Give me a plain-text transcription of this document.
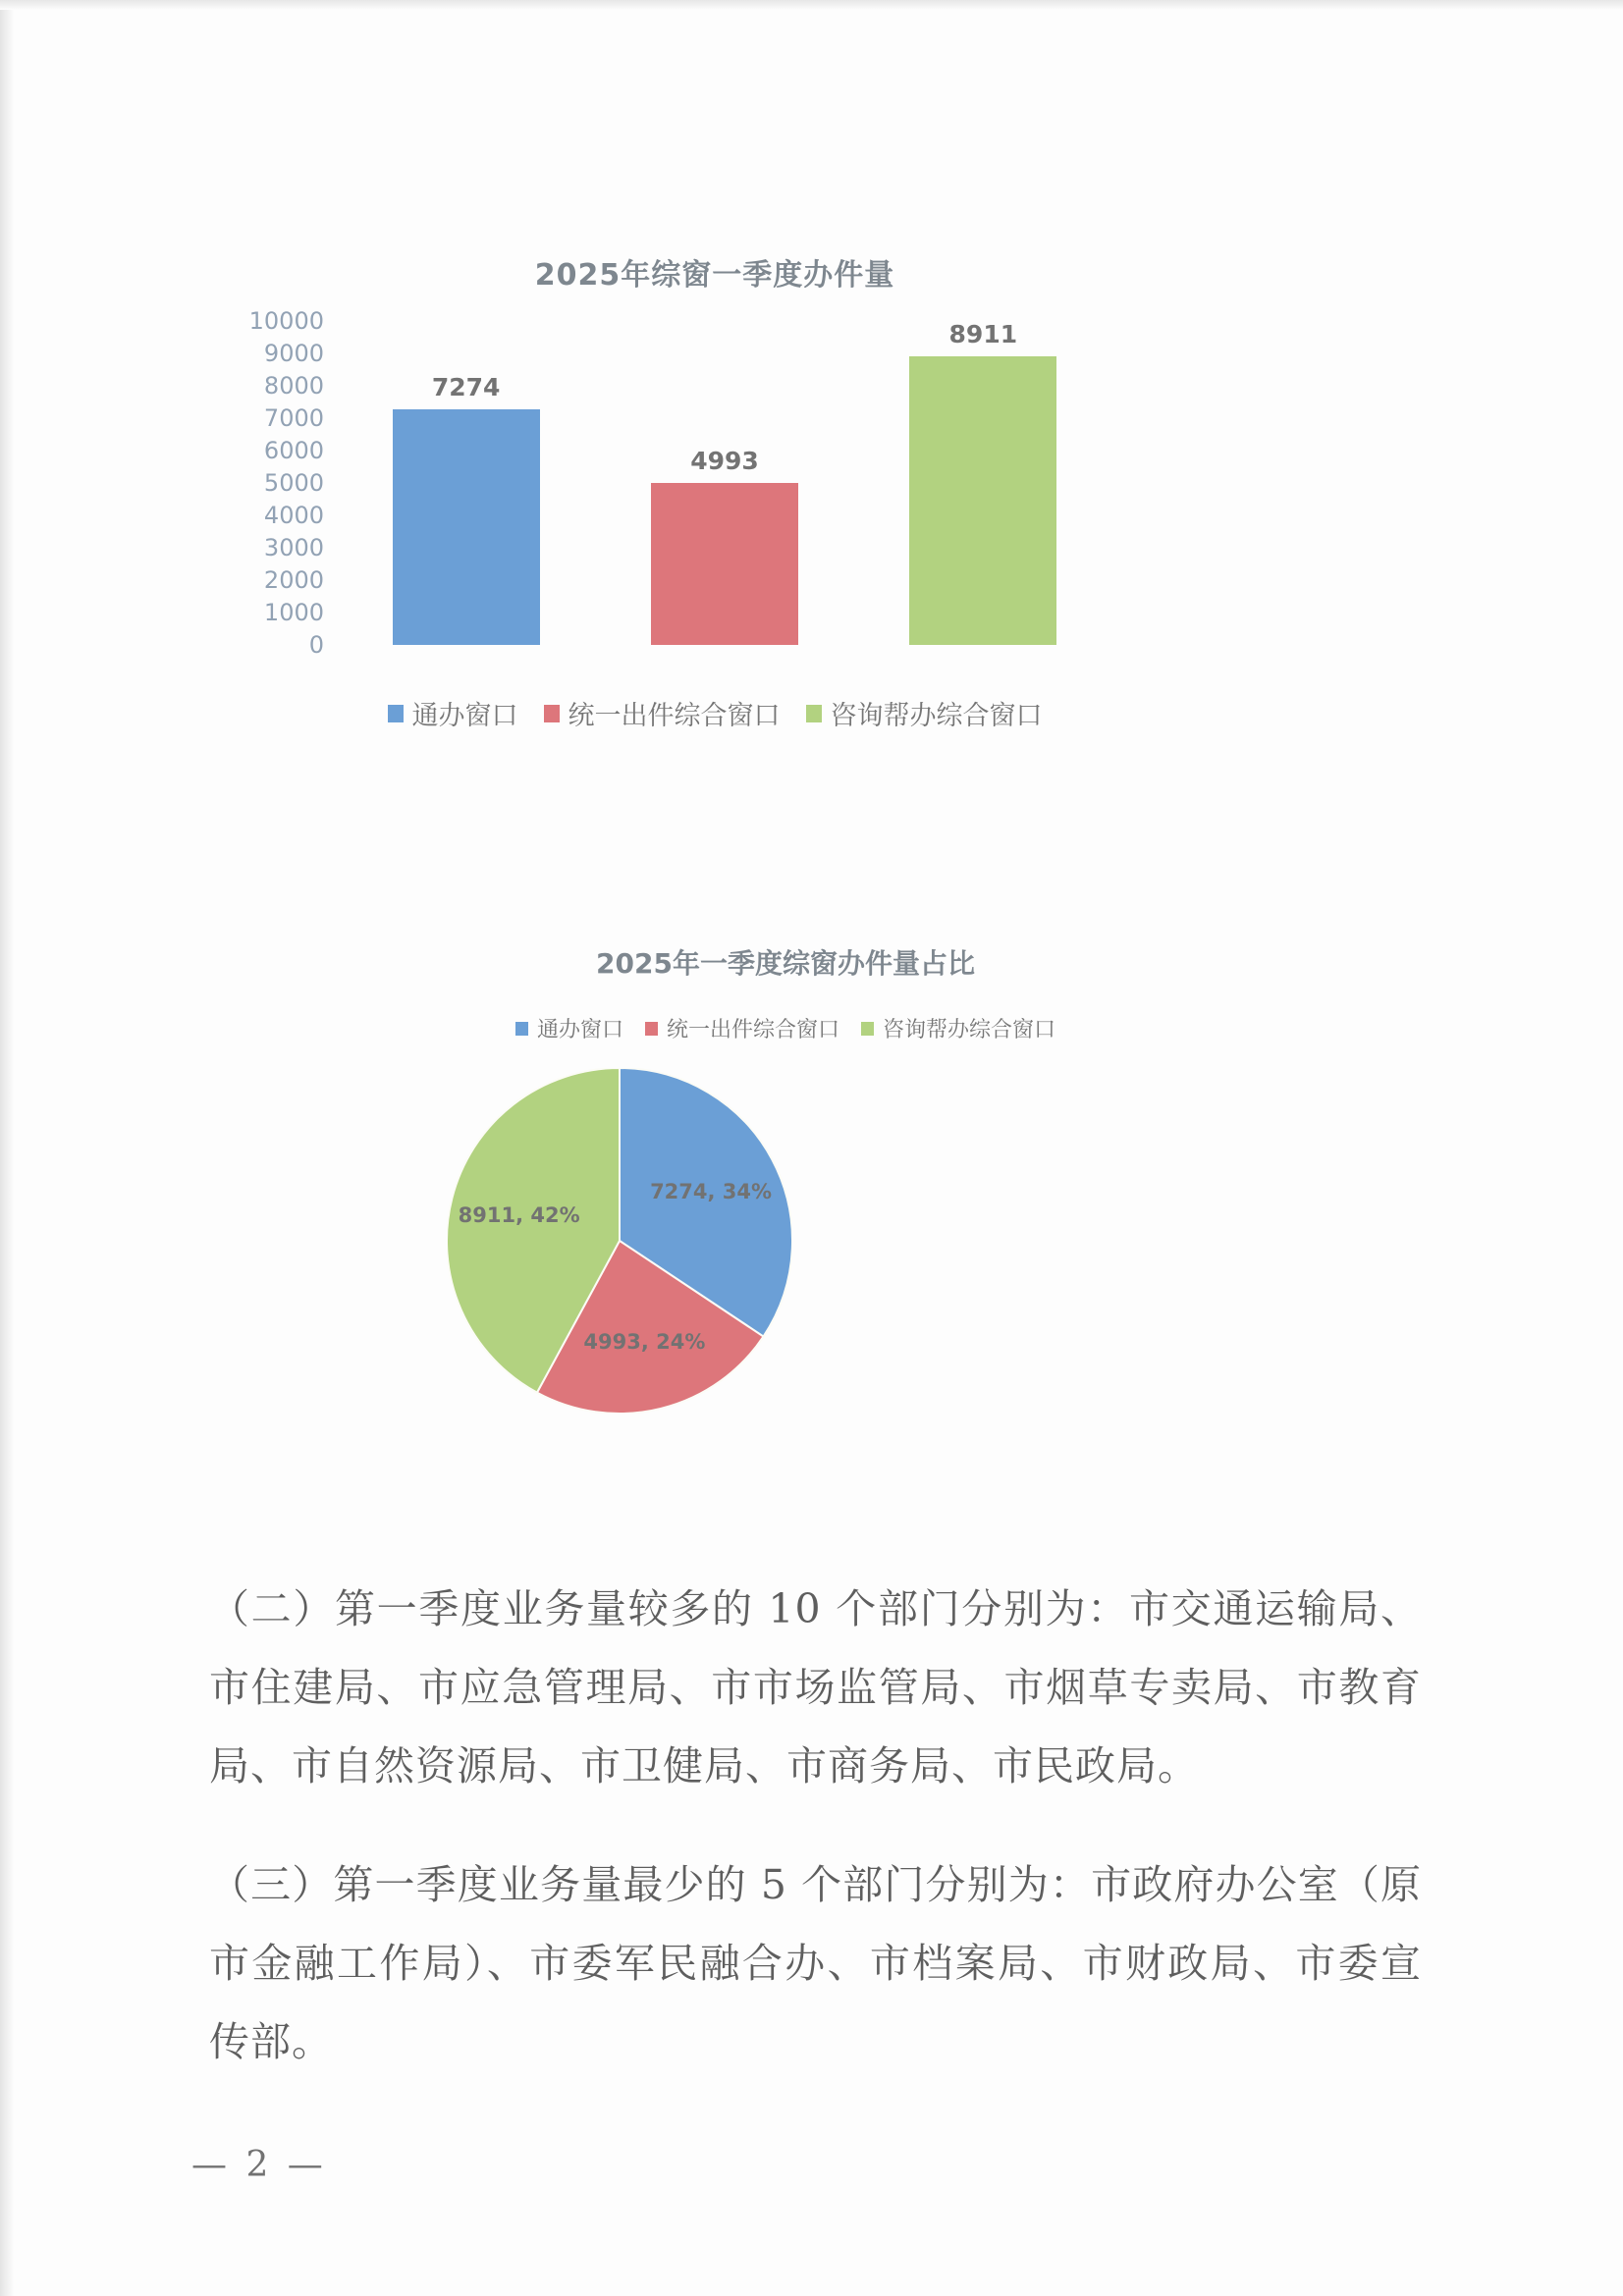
2025年综窗一季度办件量
10000
9000
8000
7000
6000
5000
4000
3000
2000
1000
0
7274
4993
8911
通办窗口 统一出件综合窗口 咨询帮办综合窗口
2025年一季度综窗办件量占比
通办窗口 统一出件综合窗口 咨询帮办综合窗口
7274, 34%
4993, 24%
8911, 42%

（二）第一季度业务量较多的 10 个部门分别为：市交通运输局、市住建局、市应急管理局、市市场监管局、市烟草专卖局、市教育局、市自然资源局、市卫健局、市商务局、市民政局。

（三）第一季度业务量最少的 5 个部门分别为：市政府办公室（原市金融工作局）、市委军民融合办、市档案局、市财政局、市委宣传部。

— 2 —
